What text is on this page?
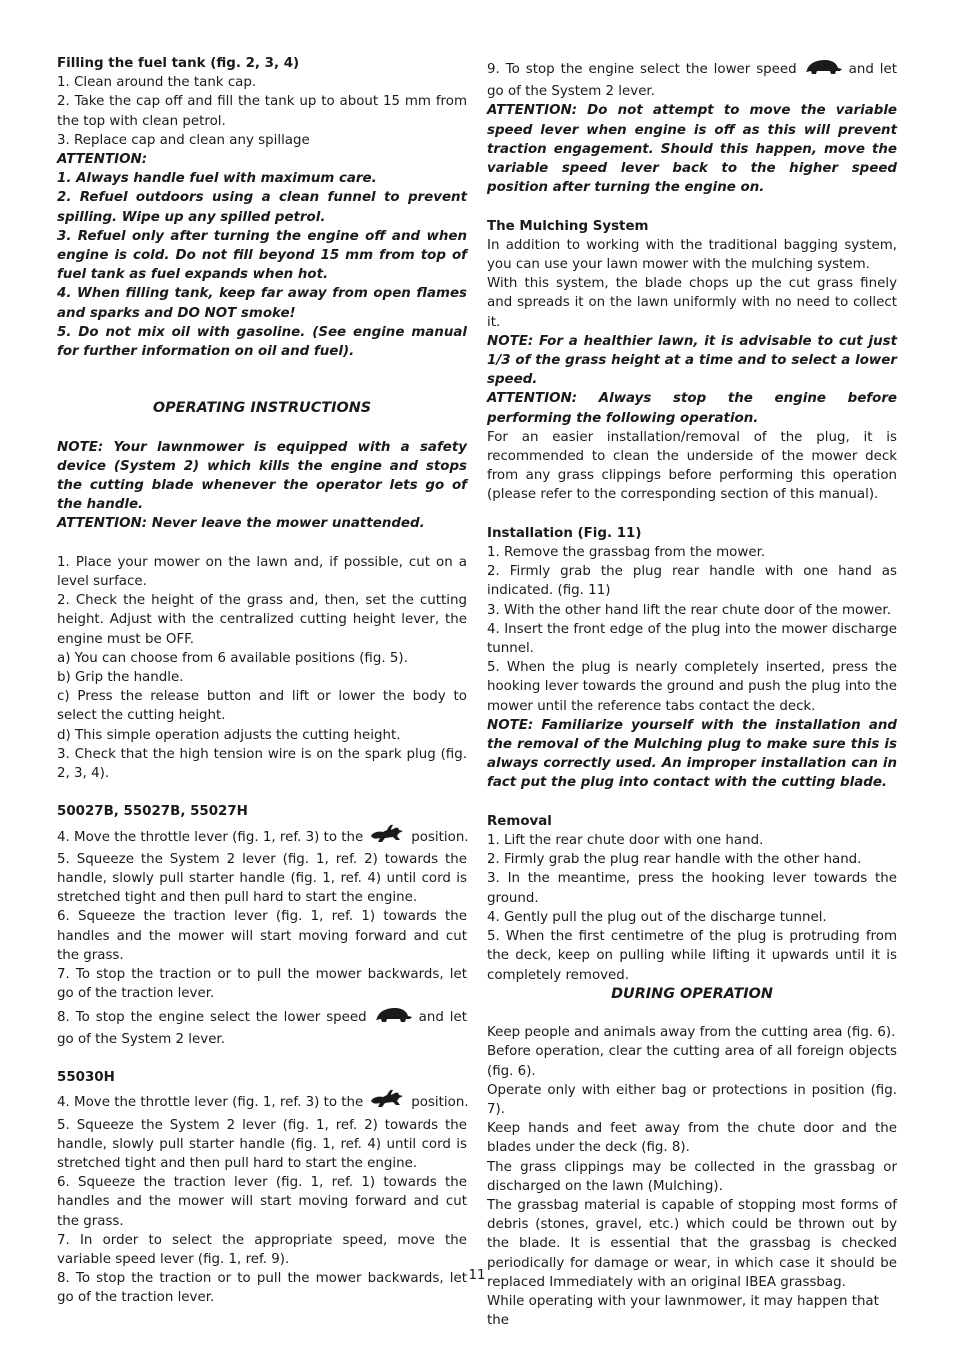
Filling the fuel tank (fig. 2, 3, 4)

1. Clean around the tank cap.

2. Take the cap off and fill the tank up to about 15 mm from the top with clean petrol.

3. Replace cap and clean any spillage

ATTENTION:

1. Always handle fuel with maximum care.

2. Refuel outdoors using a clean funnel to prevent spilling. Wipe up any spilled petrol.

3. Refuel only after turning the engine off and when engine is cold. Do not fill beyond 15 mm from top of fuel tank as fuel expands when hot.

4. When filling tank, keep far away from open flames and sparks and DO NOT smoke!

5. Do not mix oil with gasoline. (See engine manual for further information on oil and fuel).

OPERATING INSTRUCTIONS

NOTE: Your lawnmower is equipped with a safety device (System 2) which kills the engine and stops the cutting blade whenever the operator lets go of the handle.

ATTENTION: Never leave the mower unattended.

1. Place your mower on the lawn and, if possible, cut on a level surface.

2. Check the height of the grass and, then, set the cutting height. Adjust with the centralized cutting height lever, the engine must be OFF.

a) You can choose from 6 available positions (fig. 5).

b) Grip the handle.

c) Press the release button and lift or lower the body to select the cutting height.

d) This simple operation adjusts the cutting height.

3. Check that the high tension wire is on the spark plug (fig. 2, 3, 4).

50027B, 55027B, 55027H

4. Move the throttle lever (fig. 1, ref. 3) to the	position.

5. Squeeze the System 2 lever (fig. 1, ref. 2) towards the handle, slowly pull starter handle (fig. 1, ref. 4) until cord is stretched tight and then pull hard to start the engine.

6. Squeeze the traction lever (fig. 1, ref. 1) towards the handles and the mower will start moving forward and cut the grass.

7. To stop the traction or to pull the mower backwards, let go of the traction lever.

8. To stop the engine select the lower speed	and let go of the System 2 lever.

55030H

4. Move the throttle lever (fig. 1, ref. 3) to the	position.

5. Squeeze the System 2 lever (fig. 1, ref. 2) towards the handle, slowly pull starter handle (fig. 1, ref. 4) until cord is stretched tight and then pull hard to start the engine.

6. Squeeze the traction lever (fig. 1, ref. 1) towards the handles and the mower will start moving forward and cut the grass.

7. In order to select the appropriate speed, move the variable speed lever (fig. 1, ref. 9).

8. To stop the traction or to pull the mower backwards, let go of the traction lever.

9. To stop the engine select the lower speed	and let go of the System 2 lever.

ATTENTION: Do not attempt to move the variable speed lever when engine is off as this will prevent traction engagement. Should this happen, move the variable speed lever back to the higher speed position after turning the engine on.

The Mulching System

In addition to working with the traditional bagging system, you can use your lawn mower with the mulching system.

With this system, the blade chops up the cut grass finely and spreads it on the lawn uniformly with no need to collect it.

NOTE: For a healthier lawn, it is advisable to cut just 1/3 of the grass height at a time and to select a lower speed.

ATTENTION: Always stop the engine before performing the following operation.

For an easier installation/removal of the plug, it is recommended to clean the underside of the mower deck from any grass clippings before performing this operation (please refer to the corresponding section of this manual).

Installation (Fig. 11)

1. Remove the grassbag from the mower.

2. Firmly grab the plug rear handle with one hand as indicated. (fig. 11)

3. With the other hand lift the rear chute door of the mower.

4. Insert the front edge of the plug into the mower discharge tunnel.

5. When the plug is nearly completely inserted, press the hooking lever towards the ground and push the plug into the mower until the reference tabs contact the deck.

NOTE: Familiarize yourself with the installation and the removal of the Mulching plug to make sure this is always correctly used. An improper installation can in fact put the plug into contact with the cutting blade.

Removal

1. Lift the rear chute door with one hand.

2. Firmly grab the plug rear handle with the other hand.

3. In the meantime, press the hooking lever towards the ground.

4. Gently pull the plug out of the discharge tunnel.

5. When the first centimetre of the plug is protruding from the deck, keep on pulling while lifting it upwards until it is completely removed.

DURING OPERATION

Keep people and animals away from the cutting area (fig. 6).

Before operation, clear the cutting area of all foreign objects (fig. 6).

Operate only with either bag or protections in position (fig. 7).

Keep hands and feet away from the chute door and the blades under the deck (fig. 8).

The grass clippings may be collected in the grassbag or discharged on the lawn (Mulching).

The grassbag material is capable of stopping most forms of debris (stones, gravel, etc.) which could be thrown out by the blade. It is essential that the grassbag is checked periodically for damage or wear, in which case it should be replaced Immediately with an original IBEA grassbag.

While operating with your lawnmower, it may happen that the

11
